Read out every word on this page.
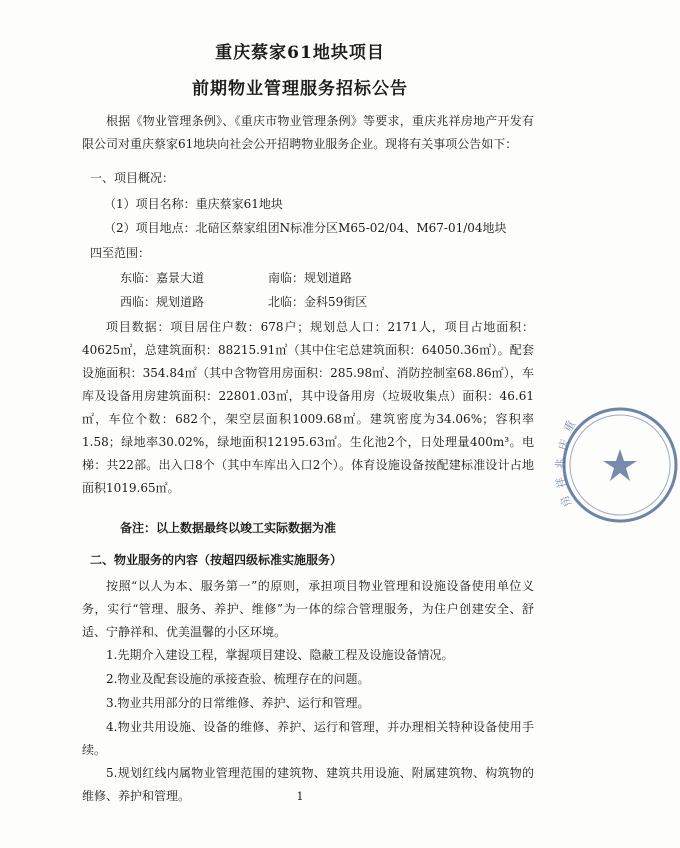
重庆蔡家61地块项目
前期物业管理服务招标公告
根据《物业管理条例》、《重庆市物业管理条例》等要求，重庆兆祥房地产开发有限公司对重庆蔡家61地块向社会公开招聘物业服务企业。现将有关事项公告如下：
一、项目概况：
（1）项目名称：重庆蔡家61地块
（2）项目地点：北碚区蔡家组团N标准分区M65-02/04、M67-01/04地块
四至范围：
东临：嘉景大道	南临：规划道路
西临：规划道路	北临：金科59街区
项目数据：项目居住户数：678户；规划总人口：2171人，项目占地面积：40625㎡，总建筑面积：88215.91㎡（其中住宅总建筑面积：64050.36㎡）。配套设施面积：354.84㎡（其中含物管用房面积：285.98㎡、消防控制室68.86㎡），车库及设备用房建筑面积：22801.03㎡，其中设备用房（垃圾收集点）面积：46.61㎡，车位个数：682个，架空层面积1009.68㎡。建筑密度为34.06%；容积率1.58；绿地率30.02%，绿地面积12195.63㎡。生化池2个，日处理量400m³。电梯：共22部。出入口8个（其中车库出入口2个）。体育设施设备按配建标准设计占地面积1019.65㎡。
备注：以上数据最终以竣工实际数据为准
二、物业服务的内容（按超四级标准实施服务）
按照“以人为本、服务第一”的原则，承担项目物业管理和设施设备使用单位义务，实行“管理、服务、养护、维修”为一体的综合管理服务，为住户创建安全、舒适、宁静祥和、优美温馨的小区环境。
1.先期介入建设工程，掌握项目建设、隐蔽工程及设施设备情况。
2.物业及配套设施的承接查验、梳理存在的问题。
3.物业共用部分的日常维修、养护、运行和管理。
4.物业共用设施、设备的维修、养护、运行和管理，并办理相关特种设备使用手续。
5.规划红线内属物业管理范围的建筑物、建筑共用设施、附属建筑物、构筑物的维修、养护和管理。	1
重
庆
兆
祥
房
